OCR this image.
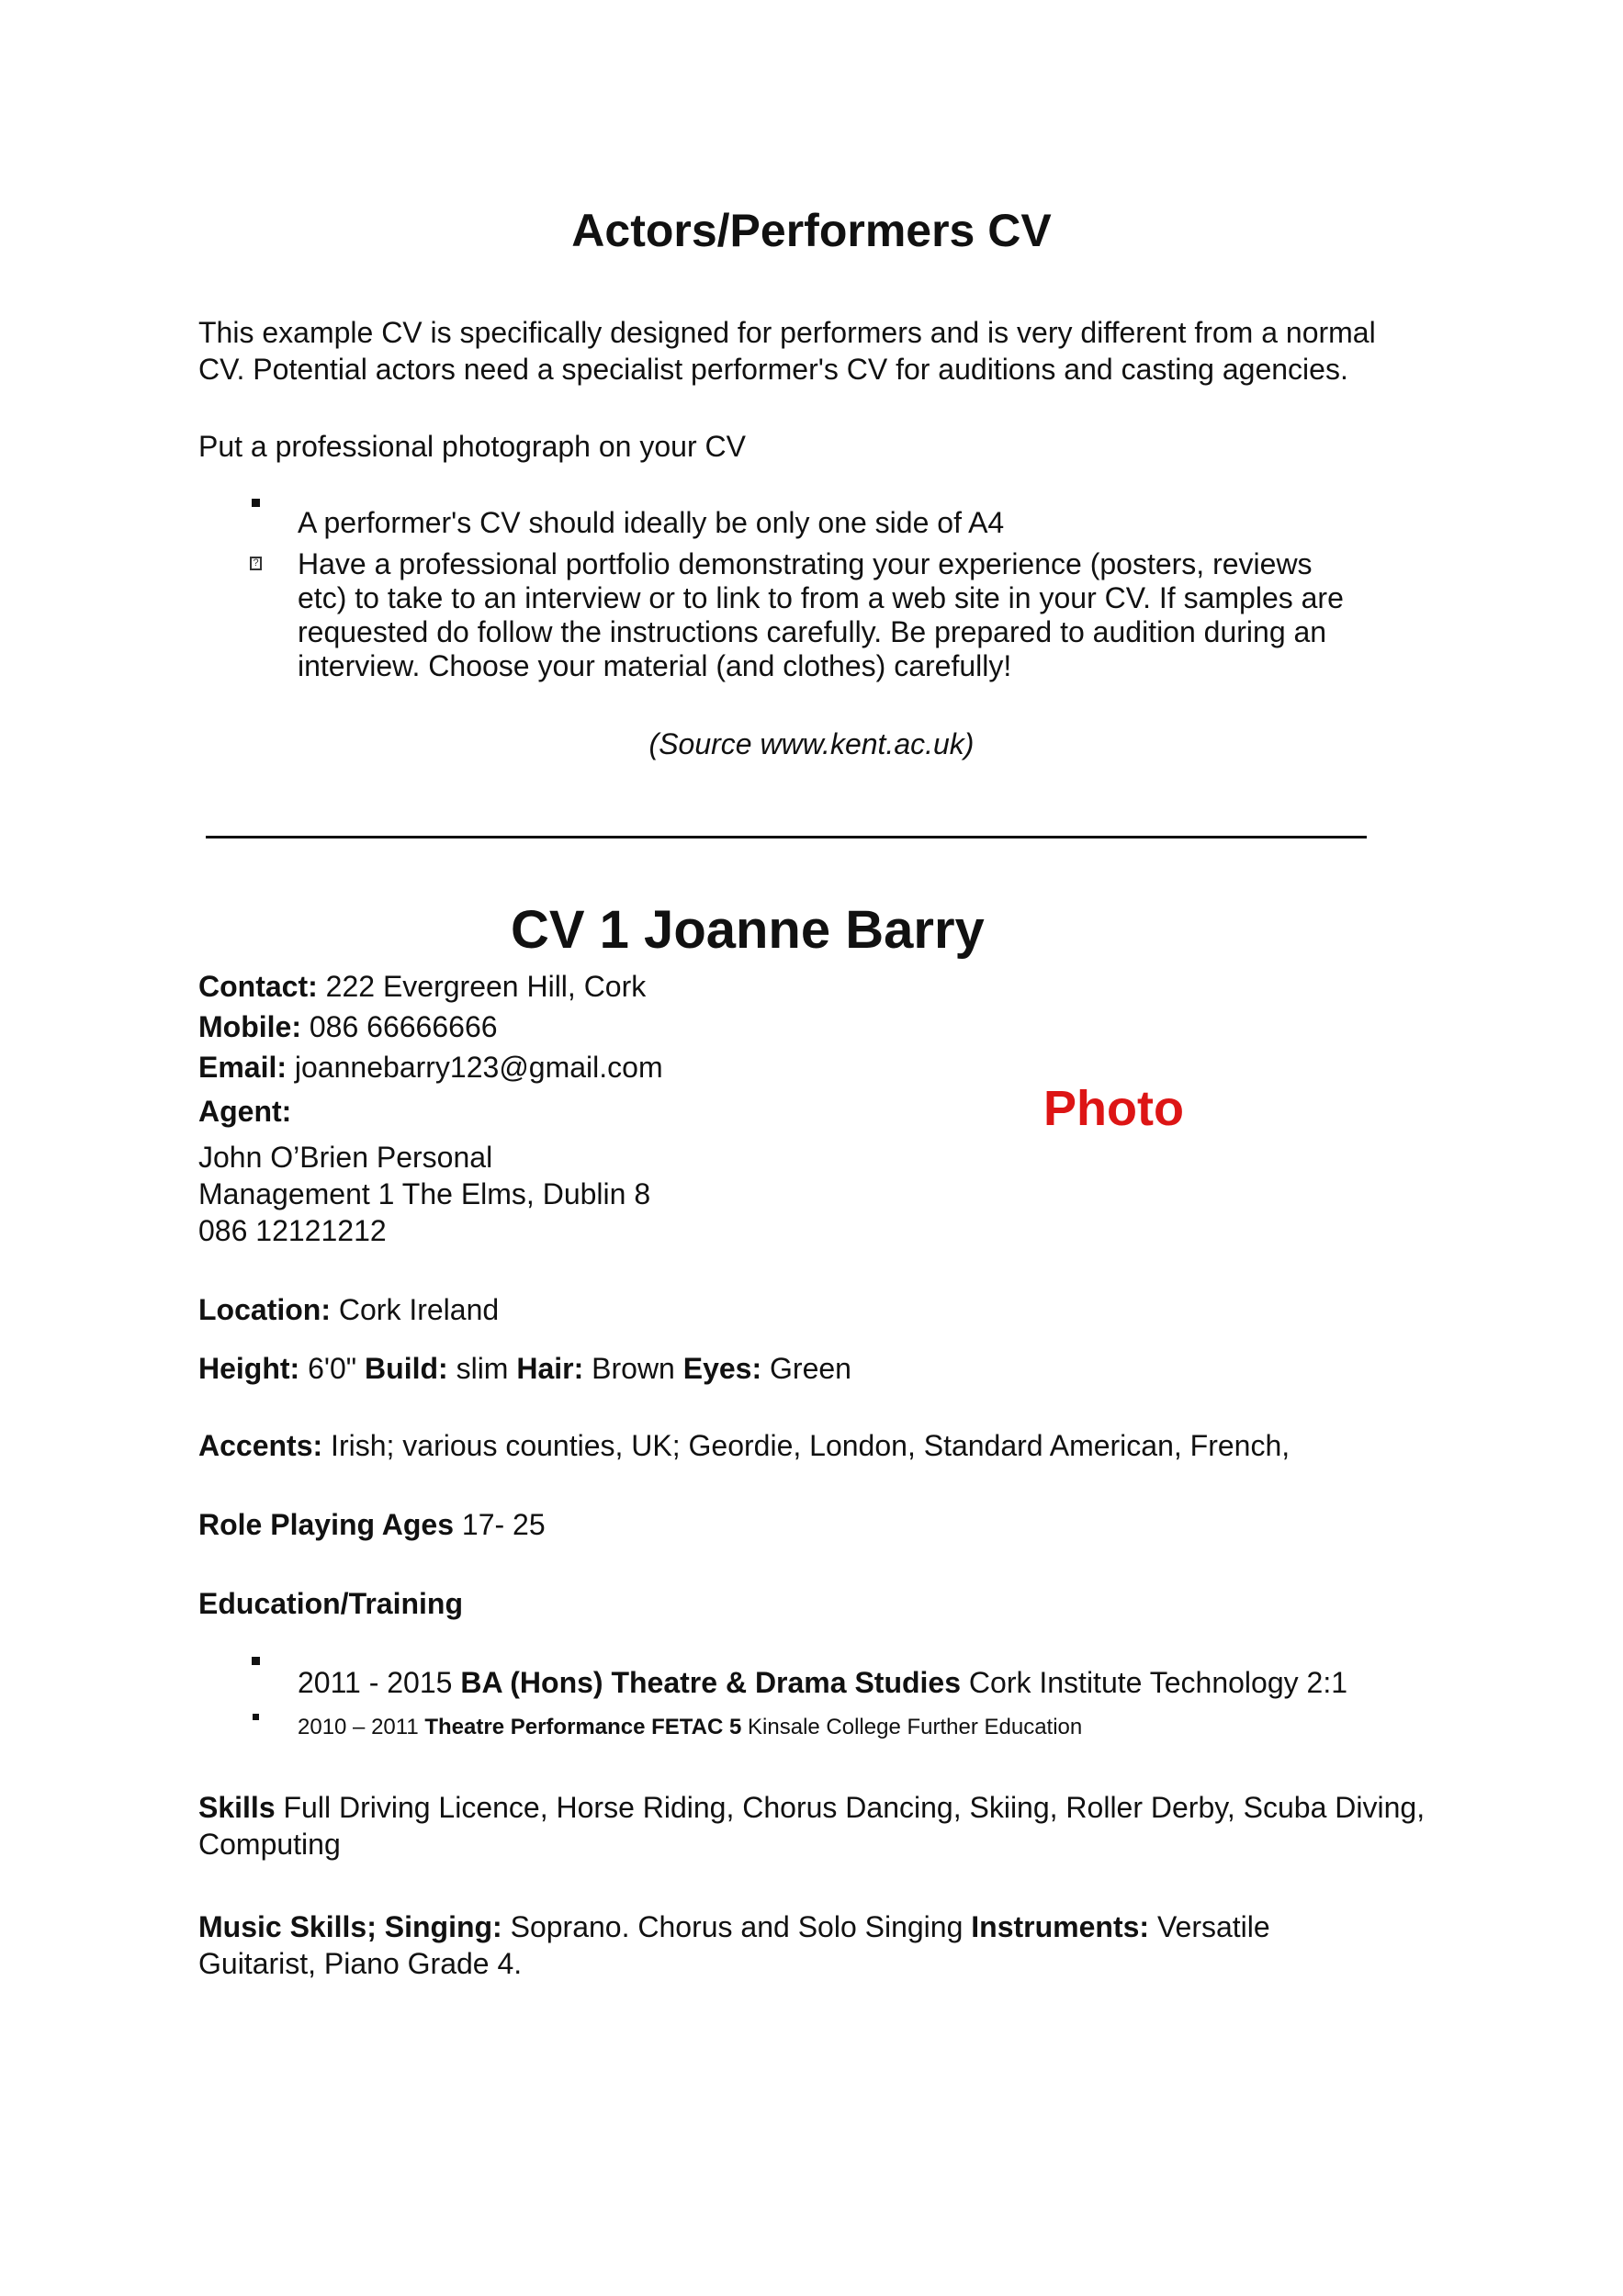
Actors/Performers CV
This example CV is specifically designed for performers and is very different from a normal
CV. Potential actors need a specialist performer's CV for auditions and casting agencies.
Put a professional photograph on your CV
A performer's CV should ideally be only one side of A4
? Have a professional portfolio demonstrating your experience (posters, reviews
etc) to take to an interview or to link to from a web site in your CV. If samples are
requested do follow the instructions carefully. Be prepared to audition during an
interview. Choose your material (and clothes) carefully!
(Source www.kent.ac.uk)
CV 1 Joanne Barry
Contact: 222 Evergreen Hill, Cork
Mobile: 086 66666666
Email: joannebarry123@gmail.com
Agent:
John O’Brien Personal
Management 1 The Elms, Dublin 8
086 12121212
Photo
Location: Cork Ireland
Height: 6'0" Build: slim Hair: Brown Eyes: Green
Accents: Irish; various counties, UK; Geordie, London, Standard American, French,
Role Playing Ages 17- 25
Education/Training
2011 - 2015 BA (Hons) Theatre & Drama Studies Cork Institute Technology 2:1
2010 – 2011 Theatre Performance FETAC 5 Kinsale College Further Education
Skills Full Driving Licence, Horse Riding, Chorus Dancing, Skiing, Roller Derby, Scuba Diving,
Computing
Music Skills; Singing: Soprano. Chorus and Solo Singing Instruments: Versatile
Guitarist, Piano Grade 4.
